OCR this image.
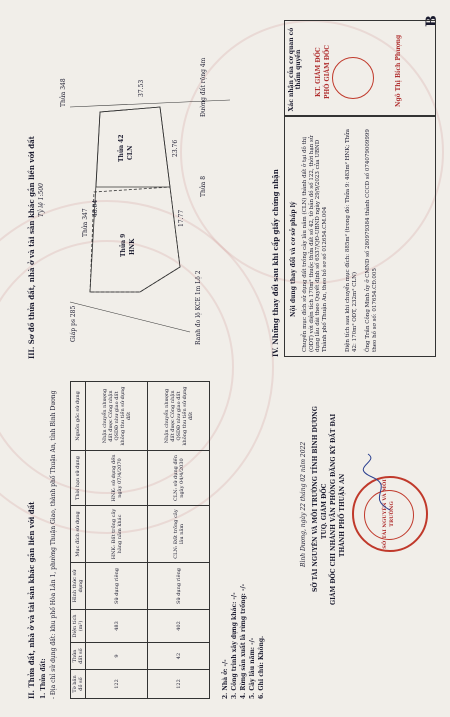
B
II. Thửa đất, nhà ở và tài sản khác gắn liền với đất 1. Thửa đất: - Địa chỉ sử dụng đất: khu phố Hòa Lân 1, phường Thuận Giao, thành phố Thuận An, tỉnh Bình Dương	Tờ bản đồ số	Thửa đất số	Diện tích (m²)	Hình thức sử dụng	Mục đích sử dụng	Thời hạn sử dụng	Nguồn gốc sử dụng
122	9	483	Sử dụng riêng	HNK: Đất trồng cây hàng năm khác	HNK: sử dụng đến ngày 07/4/2070	Nhận chuyển nhượng đất được Công nhận QSDĐ như giao đất không thu tiền sử dụng đất
122	42	402	Sử dụng riêng	CLN: Đất trồng cây lâu năm	CLN: sử dụng đến ngày 04/4/2030	Nhận chuyển nhượng đất được Công nhận QSDĐ như giao đất không thu tiền sử dụng đất
2. Nhà ở: -/- 3. Công trình xây dựng khác: -/- 4. Rừng sản xuất là rừng trồng: -/- 5. Cây lâu năm: -/- 6. Ghi chú: Không.
Bình Dương, ngày 22 tháng 02 năm 2022 SỞ TÀI NGUYÊN VÀ MÔI TRƯỜNG TỈNH BÌNH DƯƠNG TUQ. GIÁM ĐỐC GIÁM ĐỐC CHI NHÁNH VĂN PHÒNG ĐĂNG KÝ ĐẤT ĐAI THÀNH PHỐ THUẬN AN	SỞ TÀI NGUYÊN VÀ MÔI TRƯỜNG
III. Sơ đồ thửa đất, nhà ở và tài sản khác gắn liền với đất Tỷ lệ 1:500
Thửa 347
Thửa 348
Thửa 9 HNK
Thửa 42 CLN
Thửa 8
Giáp ps 285
Đường đất rộng 4m
Ranh đo lộ KCE 1m Lộ 2
48.04
37.53
23.76
17.77	IV. Những thay đổi sau khi cấp giấy chứng nhận Nội dung thay đổi và cơ sở pháp lý
Xác nhận của cơ quan có thẩm quyền
Chuyển mục đích sử dụng đất trồng cây lâu năm (CLN) thành đất ở tại đô thị (ODT) với diện tích 170m² thuộc thửa đất số 42, tờ bản đồ số 122, thời hạn sử dụng lâu dài theo Quyết định số 6537/QĐ-UBND ngày 29/9/2023 của UBND Thành phố Thuận An, theo hồ sơ số 012654.CM.004	Diện tích sau khi chuyển mục đích: 885m² (trong đó: Thửa 9: 483m² HNK; Thửa 42: 170m² ODT, 232m² CLN) Ông Trần Công Minh ủy ở CMND số 280979384 thành CCCD số 074079009999 theo hồ sơ số: 017654.CĐ.005
KT. GIÁM ĐỐC PHÓ GIÁM ĐỐC	Ngô Thị Bích Phượng
